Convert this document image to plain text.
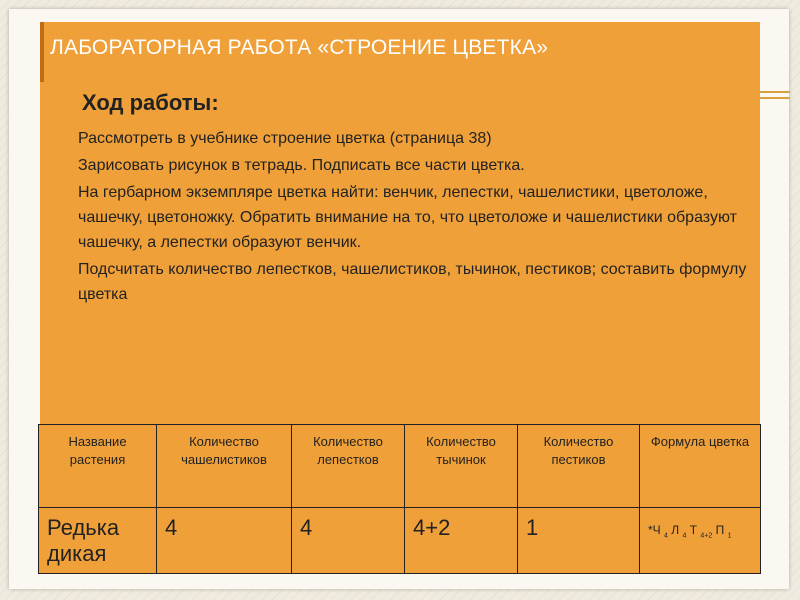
ЛАБОРАТОРНАЯ РАБОТА «СТРОЕНИЕ ЦВЕТКА»
Ход работы:

Рассмотреть в учебнике строение цветка (страница 38)

Зарисовать рисунок в тетрадь. Подписать все части цветка.

На гербарном экземпляре цветка найти: венчик, лепестки, чашелистики, цветоложе, чашечку, цветоножку. Обратить внимание на то, что цветоложе и чашелистики образуют чашечку, а лепестки образуют венчик.

Подсчитать количество лепестков, чашелистиков, тычинок, пестиков; составить формулу цветка

Название растения	Количество чашелистиков	Количество лепестков	Количество тычинок	Количество пестиков	Формула цветка
Редька дикая	4	4	4+2	1	*Ч $_4$ Л $_4$ Т $_{4+2}$ П $_1$
